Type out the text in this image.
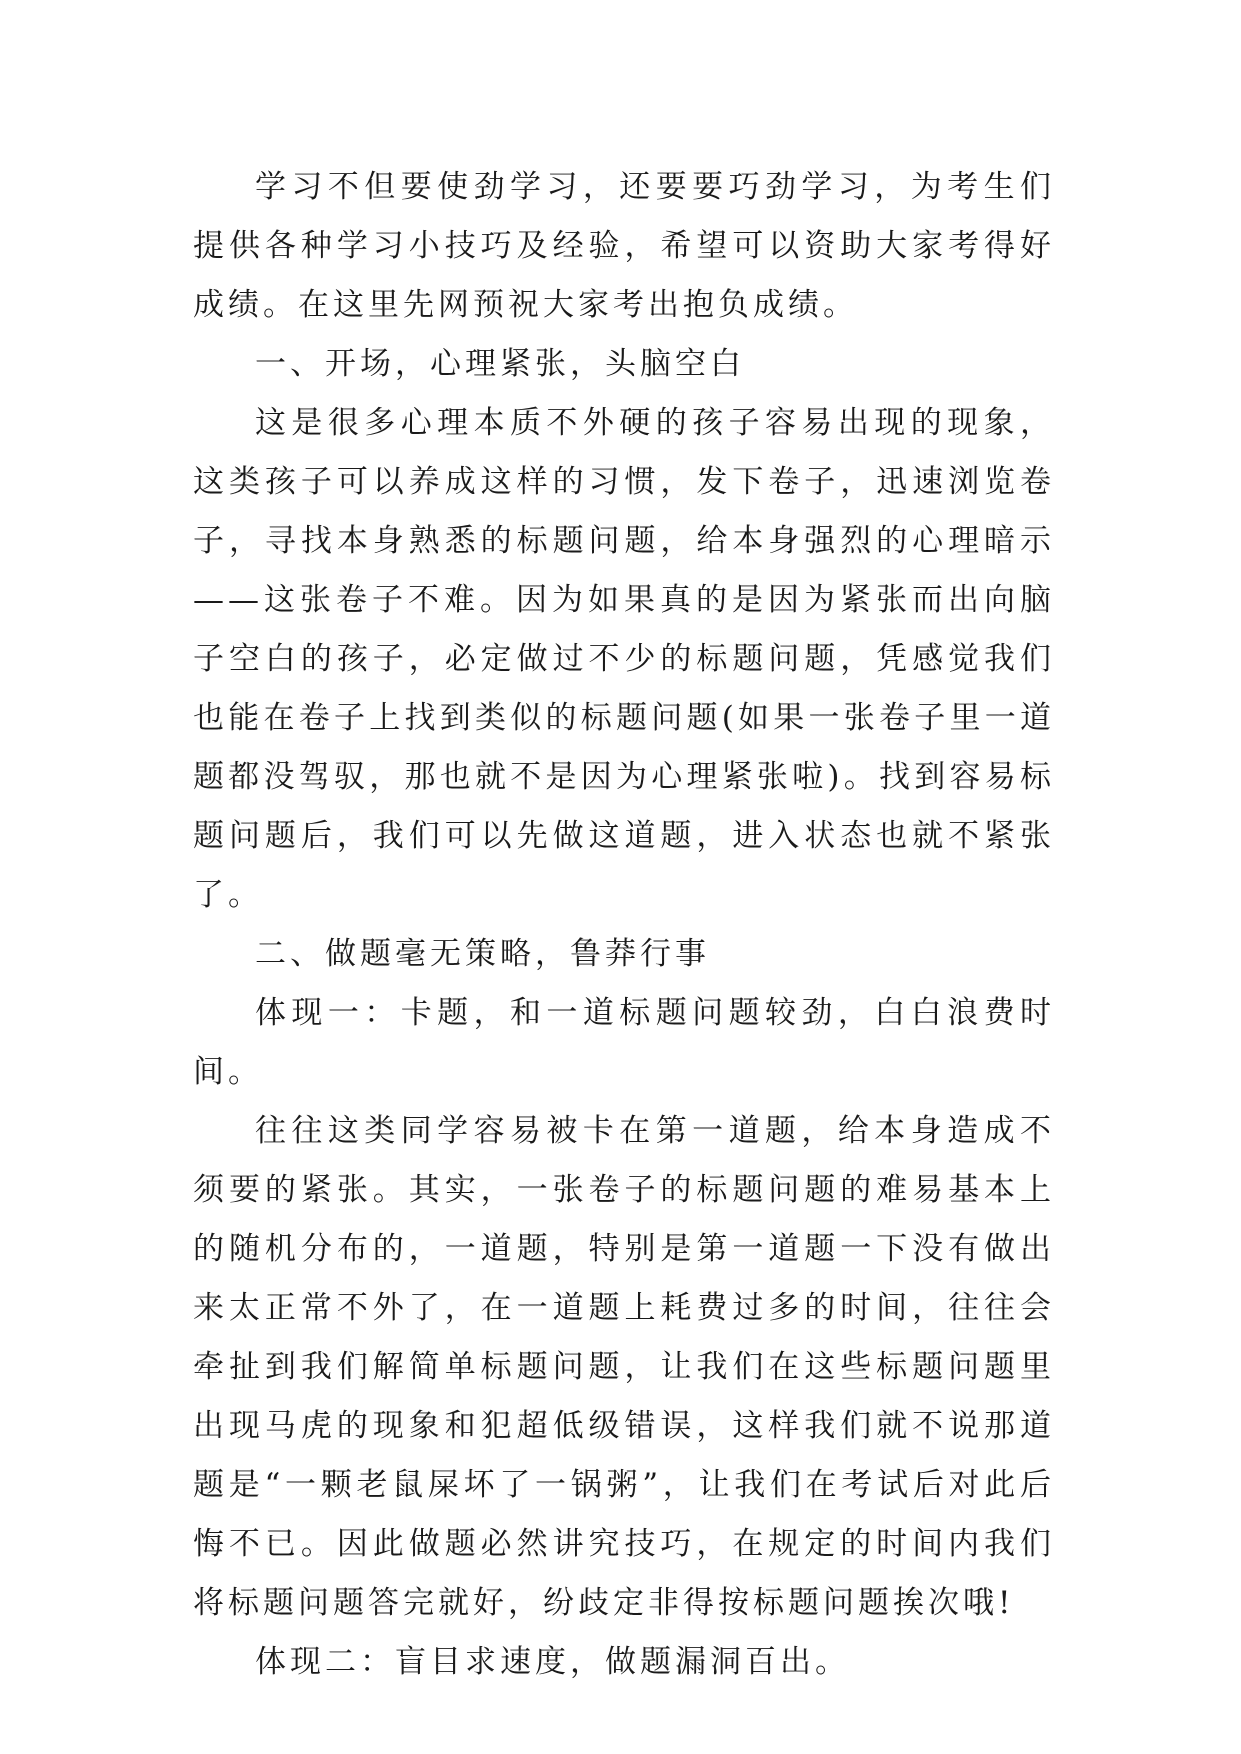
学习不但要使劲学习，还要要巧劲学习，为考生们提供各种学习小技巧及经验，希望可以资助大家考得好成绩。在这里先网预祝大家考出抱负成绩。

一、开场，心理紧张，头脑空白

这是很多心理本质不外硬的孩子容易出现的现象，这类孩子可以养成这样的习惯，发下卷子，迅速浏览卷子，寻找本身熟悉的标题问题，给本身强烈的心理暗示——这张卷子不难。因为如果真的是因为紧张而出向脑子空白的孩子，必定做过不少的标题问题，凭感觉我们也能在卷子上找到类似的标题问题(如果一张卷子里一道题都没驾驭，那也就不是因为心理紧张啦)。找到容易标题问题后，我们可以先做这道题，进入状态也就不紧张了。

二、做题毫无策略，鲁莽行事

体现一：卡题，和一道标题问题较劲，白白浪费时间。

往往这类同学容易被卡在第一道题，给本身造成不须要的紧张。其实，一张卷子的标题问题的难易基本上的随机分布的，一道题，特别是第一道题一下没有做出来太正常不外了，在一道题上耗费过多的时间，往往会牵扯到我们解简单标题问题，让我们在这些标题问题里出现马虎的现象和犯超低级错误，这样我们就不说那道题是“一颗老鼠屎坏了一锅粥”，让我们在考试后对此后悔不已。因此做题必然讲究技巧，在规定的时间内我们将标题问题答完就好，纷歧定非得按标题问题挨次哦!

体现二：盲目求速度，做题漏洞百出。
